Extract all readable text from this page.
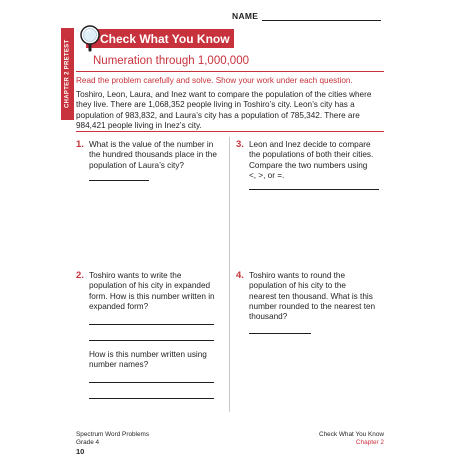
NAME
CHAPTER 2 PRETEST
Check What You Know
Numeration through 1,000,000
Read the problem carefully and solve. Show your work under each question.
Toshiro, Leon, Laura, and Inez want to compare the population of the cities where
they live. There are 1,068,352 people living in Toshiro’s city. Leon’s city has a
population of 983,832, and Laura’s city has a population of 785,342. There are
984,421 people living in Inez’s city.
1. What is the value of the number in
the hundred thousands place in the
population of Laura’s city?
3. Leon and Inez decide to compare
the populations of both their cities.
Compare the two numbers using
<, >, or =.
2. Toshiro wants to write the
population of his city in expanded
form. How is this number written in
expanded form?
How is this number written using
number names?
4. Toshiro wants to round the
population of his city to the
nearest ten thousand. What is this
number rounded to the nearest ten
thousand?
Spectrum Word Problems
Grade 4
10
Check What You Know
Chapter 2
